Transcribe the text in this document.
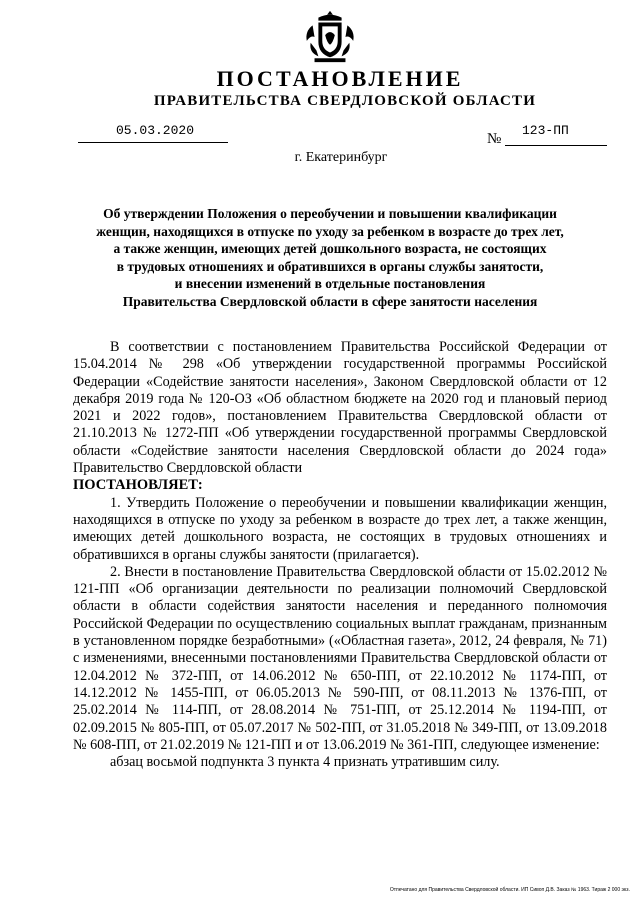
ПОСТАНОВЛЕНИЕ
ПРАВИТЕЛЬСТВА СВЕРДЛОВСКОЙ ОБЛАСТИ
05.03.2020
№
123-ПП
г. Екатеринбург
Об утверждении Положения о переобучении и повышении квалификации
женщин, находящихся в отпуске по уходу за ребенком в возрасте до трех лет,
а также женщин, имеющих детей дошкольного возраста, не состоящих
в трудовых отношениях и обратившихся в органы службы занятости,
и внесении изменений в отдельные постановления
Правительства Свердловской области в сфере занятости населения

В соответствии с постановлением Правительства Российской Федерации от 15.04.2014 № 298 «Об утверждении государственной программы Российской Федерации «Содействие занятости населения», Законом Свердловской области от 12 декабря 2019 года № 120-ОЗ «Об областном бюджете на 2020 год и плановый период 2021 и 2022 годов», постановлением Правительства Свердловской области от 21.10.2013 № 1272-ПП «Об утверждении государственной программы Свердловской области «Содействие занятости населения Свердловской области до 2024 года» Правительство Свердловской области

ПОСТАНОВЛЯЕТ:

1. Утвердить Положение о переобучении и повышении квалификации женщин, находящихся в отпуске по уходу за ребенком в возрасте до трех лет, а также женщин, имеющих детей дошкольного возраста, не состоящих в трудовых отношениях и обратившихся в органы службы занятости (прилагается).

2. Внести в постановление Правительства Свердловской области от 15.02.2012 № 121-ПП «Об организации деятельности по реализации полномочий Свердловской области в области содействия занятости населения и переданного полномочия Российской Федерации по осуществлению социальных выплат гражданам, признанным в установленном порядке безработными» («Областная газета», 2012, 24 февраля, № 71) с изменениями, внесенными постановлениями Правительства Свердловской области от 12.04.2012 № 372-ПП, от 14.06.2012 № 650-ПП, от 22.10.2012 № 1174-ПП, от 14.12.2012 № 1455-ПП, от 06.05.2013 № 590-ПП, от 08.11.2013 № 1376-ПП, от 25.02.2014 № 114-ПП, от 28.08.2014 № 751-ПП, от 25.12.2014 № 1194-ПП, от 02.09.2015 № 805-ПП, от 05.07.2017 № 502-ПП, от 31.05.2018 № 349-ПП, от 13.09.2018 № 608-ПП, от 21.02.2019 № 121-ПП и от 13.06.2019 № 361-ПП, следующее изменение:

абзац восьмой подпункта 3 пункта 4 признать утратившим силу.

Отпечатано для Правительства Свердловской области. ИП Сивоп Д.В. Заказ № 1963. Тираж 2 000 экз.
